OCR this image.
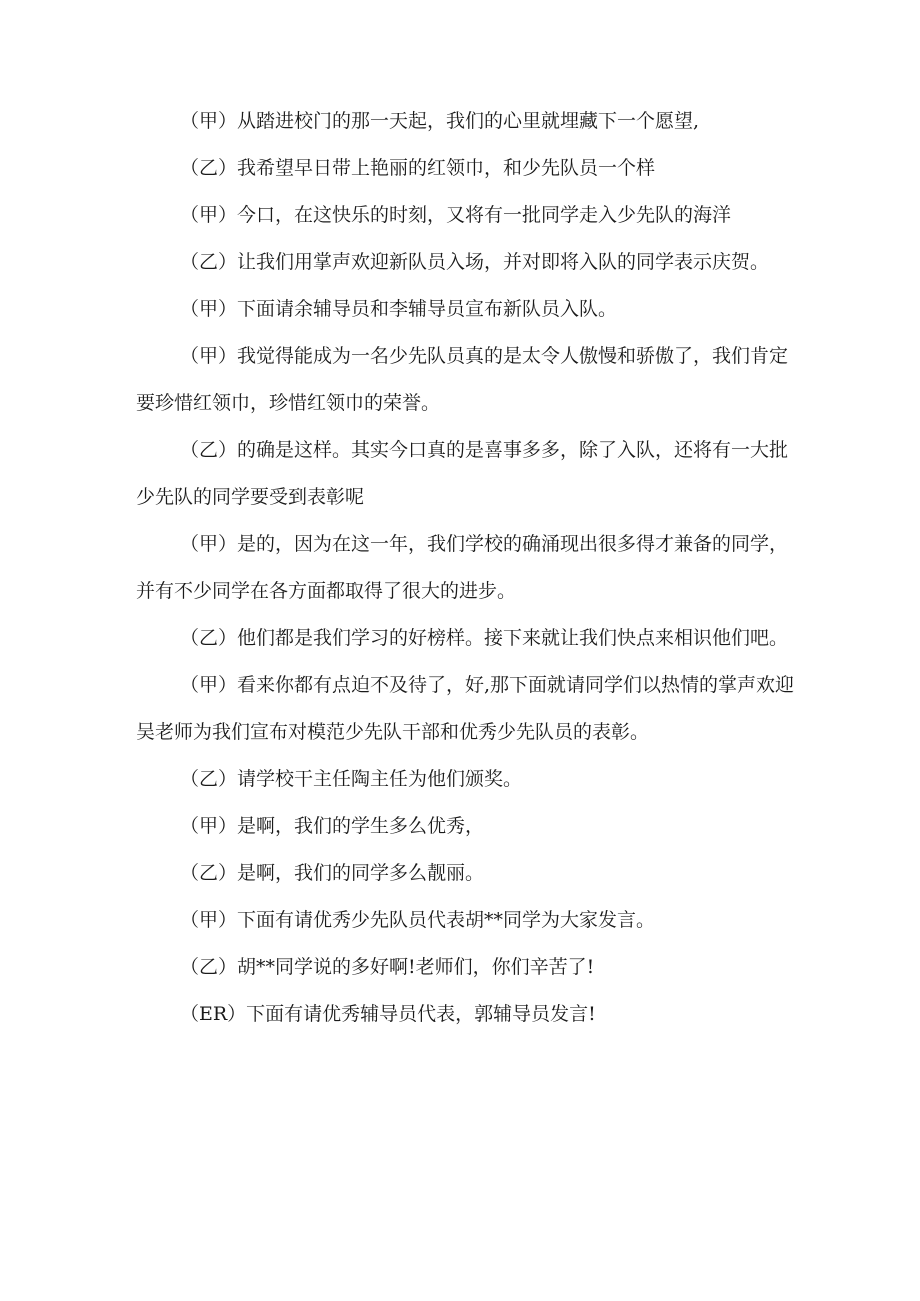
（甲）从踏进校门的那一天起，我们的心里就埋藏下一个愿望,

（乙）我希望早日带上艳丽的红领巾，和少先队员一个样

（甲）今口，在这快乐的时刻，又将有一批同学走入少先队的海洋

（乙）让我们用掌声欢迎新队员入场，并对即将入队的同学表示庆贺。

（甲）下面请余辅导员和李辅导员宣布新队员入队。

（甲）我觉得能成为一名少先队员真的是太令人傲慢和骄傲了，我们肯定要珍惜红领巾，珍惜红领巾的荣誉。

（乙）的确是这样。其实今口真的是喜事多多，除了入队，还将有一大批少先队的同学要受到表彰呢

（甲）是的，因为在这一年，我们学校的确涌现出很多得才兼备的同学，并有不少同学在各方面都取得了很大的进步。

（乙）他们都是我们学习的好榜样。接下来就让我们快点来相识他们吧。

（甲）看来你都有点迫不及待了，好,那下面就请同学们以热情的掌声欢迎吴老师为我们宣布对模范少先队干部和优秀少先队员的表彰。

（乙）请学校干主任陶主任为他们颁奖。

（甲）是啊，我们的学生多么优秀，

（乙）是啊，我们的同学多么靓丽。

（甲）下面有请优秀少先队员代表胡**同学为大家发言。

（乙）胡**同学说的多好啊!老师们，你们辛苦了!

（ER）下面有请优秀辅导员代表，郭辅导员发言!
